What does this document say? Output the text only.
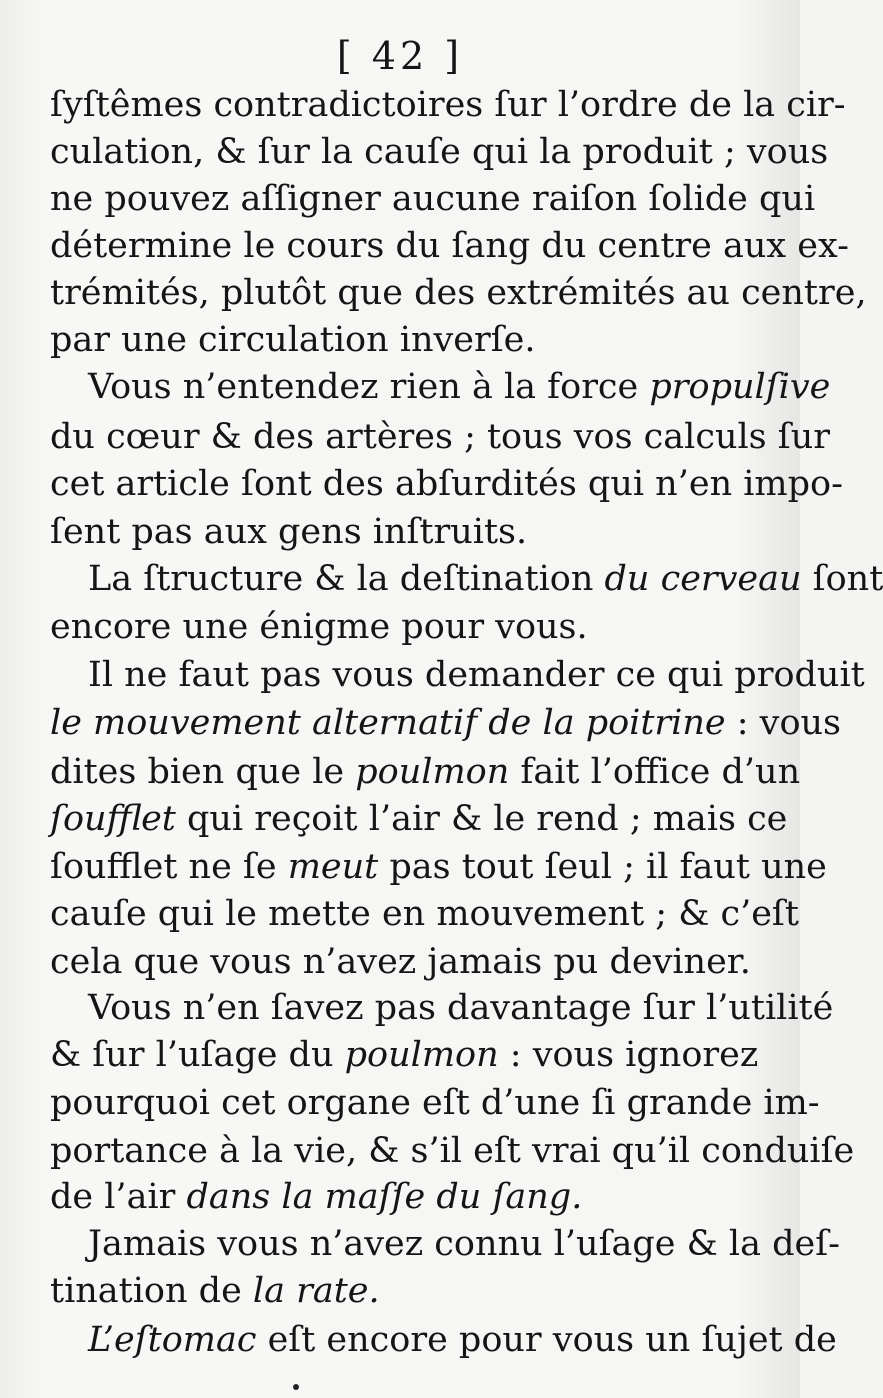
[ 42 ]
ſyſtêmes contradictoires ſur l’ordre de la cir-
culation, & ſur la cauſe qui la produit ; vous
ne pouvez aſſigner aucune raiſon ſolide qui
détermine le cours du ſang du centre aux ex-
trémités, plutôt que des extrémités au centre,
par une circulation inverſe.
Vous n’entendez rien à la force propulſive
du cœur & des artères ; tous vos calculs ſur
cet article ſont des abſurdités qui n’en impo-
ſent pas aux gens inſtruits.
La ſtructure & la deſtination du cerveau ſont
encore une énigme pour vous.
Il ne faut pas vous demander ce qui produit
le mouvement alternatif de la poitrine : vous
dites bien que le poulmon fait l’office d’un
ſoufflet qui reçoit l’air & le rend ; mais ce
ſoufflet ne ſe meut pas tout ſeul ; il faut une
cauſe qui le mette en mouvement ; & c’eſt
cela que vous n’avez jamais pu deviner.
Vous n’en ſavez pas davantage ſur l’utilité
& ſur l’uſage du poulmon : vous ignorez
pourquoi cet organe eſt d’une ſi grande im-
portance à la vie, & s’il eſt vrai qu’il conduiſe
de l’air dans la maſſe du ſang.
Jamais vous n’avez connu l’uſage & la deſ-
tination de la rate.
L’eſtomac eſt encore pour vous un ſujet de
